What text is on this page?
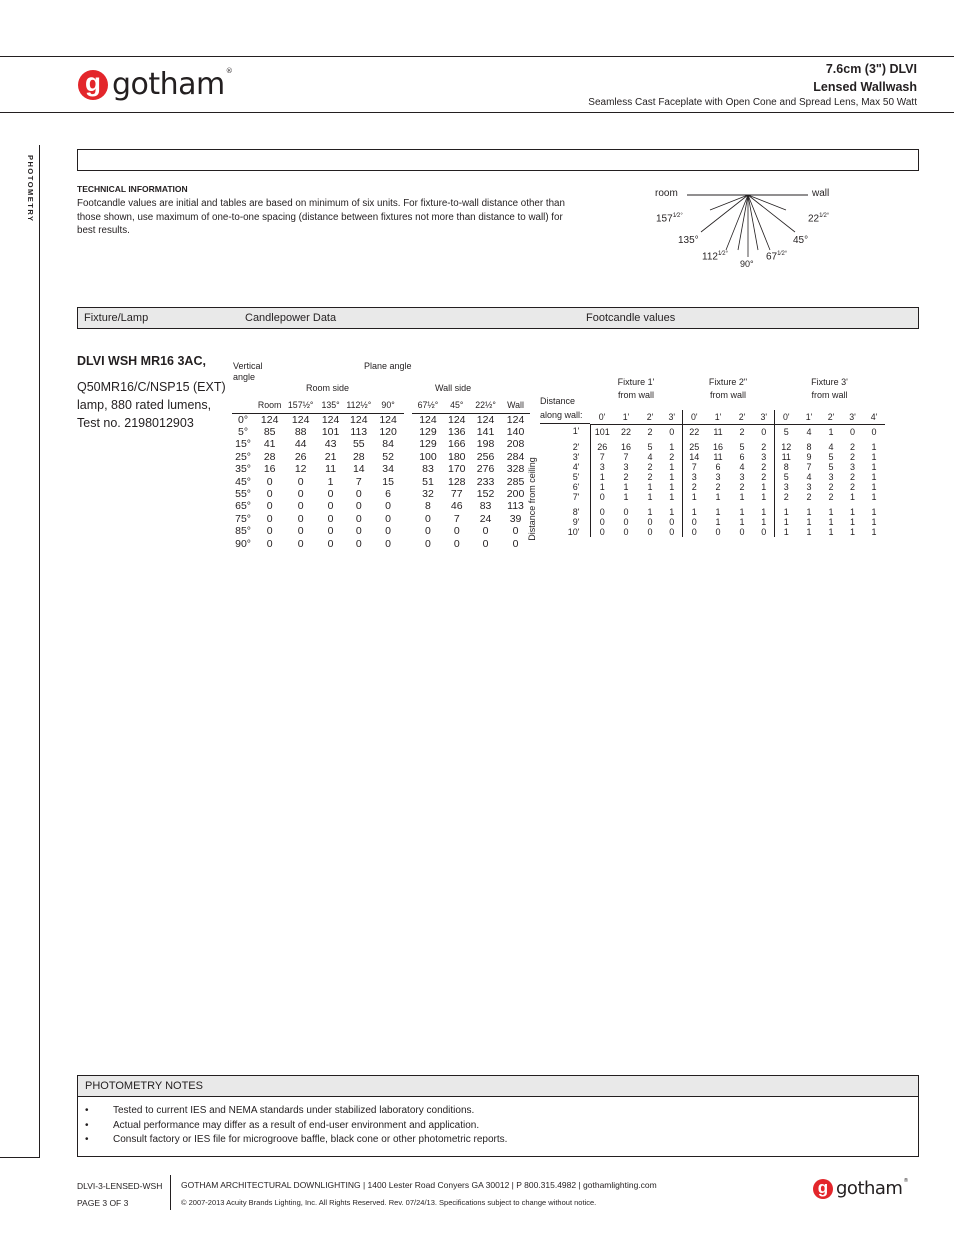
g gotham®	7.6cm (3") DLVI
Lensed Wallwash
Seamless Cast Faceplate with Open Cone and Spread Lens, Max 50 Watt
PHOTOMETRY	TECHNICAL INFORMATION
Footcandle values are initial and tables are based on minimum of six units. For fixture-to-wall distance other than those shown, use maximum of one-to-one spacing (distance between fixtures not more than distance to wall) for best results.
room	wall
$157^{1⁄2^\circ}$	$22^{1⁄2^\circ}$
135°	45°
$112^{1⁄2^\circ}$	$67^{1⁄2^\circ}$
90°
Fixture/Lamp	Candlepower Data	Footcandle values
DLVI WSH MR16 3AC,
Q50MR16/C/NSP15 (EXT) lamp, 880 rated lumens, Test no. 2198012903
Vertical angle
Plane angle
Room side	Wall side
	Room	157½°	135°	112½°	90°		67½°	45°	22½°	Wall
0°	124	124	124	124	124		124	124	124	124
5°	85	88	101	113	120		129	136	141	140
15°	41	44	43	55	84		129	166	198	208
25°	28	26	21	28	52		100	180	256	284
35°	16	12	11	14	34		83	170	276	328
45°	0	0	1	7	15		51	128	233	285
55°	0	0	0	0	6		32	77	152	200
65°	0	0	0	0	0		8	46	83	113
75°	0	0	0	0	0		0	7	24	39
85°	0	0	0	0	0		0	0	0	0
90°	0	0	0	0	0		0	0	0	0
Distance from ceiling
Distance along wall:	Fixture 1' from wall				Fixture 2" from wall				Fixture 3' from wall				

	0'	1'	2'	3'	0'	1'	2'	3'	0'	1'	2'	3'	4'
1'	101	22	2	0	22	11	2	0	5	4	1	0	0

2'	26	16	5	1	25	16	5	2	12	8	4	2	1
3'	7	7	4	2	14	11	6	3	11	9	5	2	1
4'	3	3	2	1	7	6	4	2	8	7	5	3	1
5'	1	2	2	1	3	3	3	2	5	4	3	2	1
6'	1	1	1	1	2	2	2	1	3	3	2	2	1
7'	0	1	1	1	1	1	1	1	2	2	2	1	1

8'	0	0	1	1	1	1	1	1	1	1	1	1	1
9'	0	0	0	0	0	1	1	1	1	1	1	1	1
10'	0	0	0	0	0	0	0	0	1	1	1	1	1
PHOTOMETRY NOTES
• Tested to current IES and NEMA standards under stabilized laboratory conditions.
• Actual performance may differ as a result of end-user environment and application.
• Consult factory or IES file for microgroove baffle, black cone or other photometric reports.
DLVI-3-LENSED-WSH
PAGE 3 OF 3
GOTHAM ARCHITECTURAL DOWNLIGHTING | 1400 Lester Road Conyers GA 30012 | P 800.315.4982 | gothamlighting.com
© 2007-2013 Acuity Brands Lighting, Inc. All Rights Reserved. Rev. 07/24/13. Specifications subject to change without notice.
g gotham®
